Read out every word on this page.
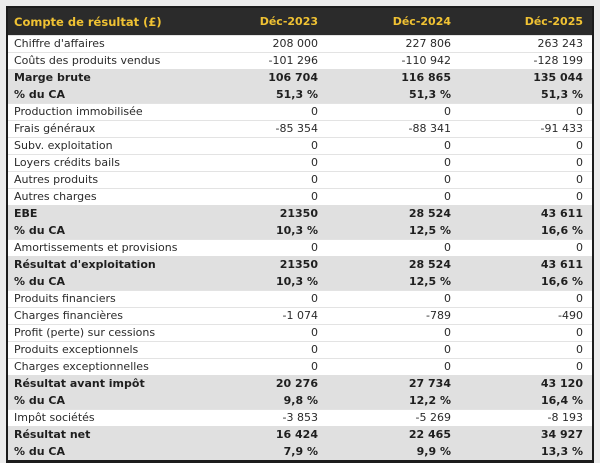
Compte de résultat (£)	Déc-2023	Déc-2024	Déc-2025
Chiffre d'affaires	208 000	227 806	263 243
Coûts des produits vendus	-101 296	-110 942	-128 199
Marge brute	106 704	116 865	135 044
% du CA	51,3 %	51,3 %	51,3 %
Production immobilisée	0	0	0
Frais généraux	-85 354	-88 341	-91 433
Subv. exploitation	0	0	0
Loyers crédits bails	0	0	0
Autres produits	0	0	0
Autres charges	0	0	0
EBE	21350	28 524	43 611
% du CA	10,3 %	12,5 %	16,6 %
Amortissements et provisions	0	0	0
Résultat d'exploitation	21350	28 524	43 611
% du CA	10,3 %	12,5 %	16,6 %
Produits financiers	0	0	0
Charges financières	-1 074	-789	-490
Profit (perte) sur cessions	0	0	0
Produits exceptionnels	0	0	0
Charges exceptionnelles	0	0	0
Résultat avant impôt	20 276	27 734	43 120
% du CA	9,8 %	12,2 %	16,4 %
Impôt sociétés	-3 853	-5 269	-8 193
Résultat net	16 424	22 465	34 927
% du CA	7,9 %	9,9 %	13,3 %
